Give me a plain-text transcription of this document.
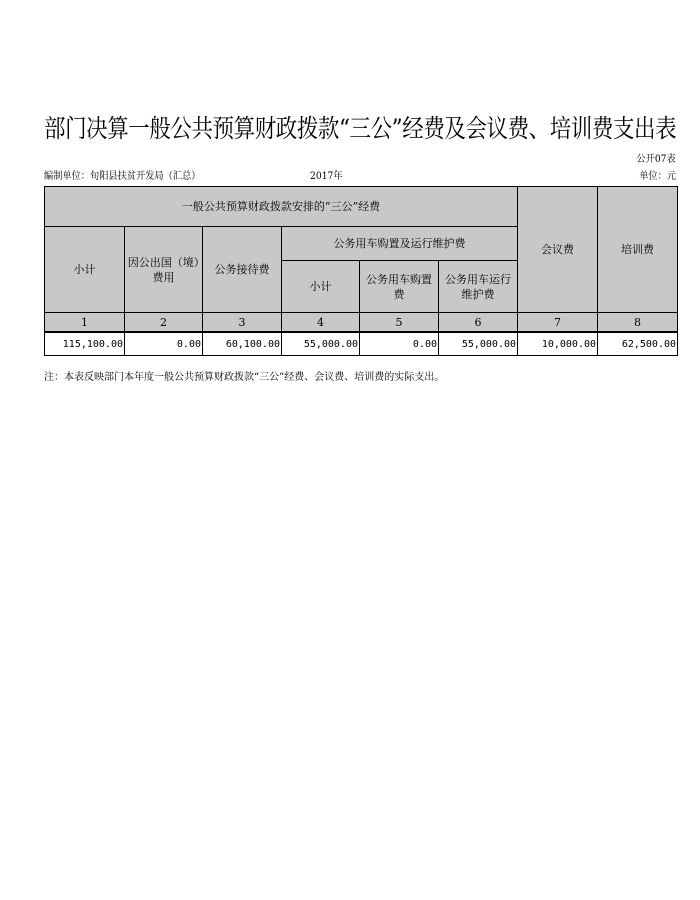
部门决算一般公共预算财政拨款“三公”经费及会议费、培训费支出表
公开07表
编制单位：旬阳县扶贫开发局（汇总）	2017年	单位：元
一般公共预算财政拨款安排的“三公”经费						会议费	培训费
小计	因公出国（境）费用	公务接待费	公务用车购置及运行维护费				
			小计	公务用车购置费	公务用车运行维护费		
1	2	3	4	5	6	7	8
115,100.00	0.00	60,100.00	55,000.00	0.00	55,000.00	10,000.00	62,500.00
注：本表反映部门本年度一般公共预算财政拨款“三公”经费、会议费、培训费的实际支出。
